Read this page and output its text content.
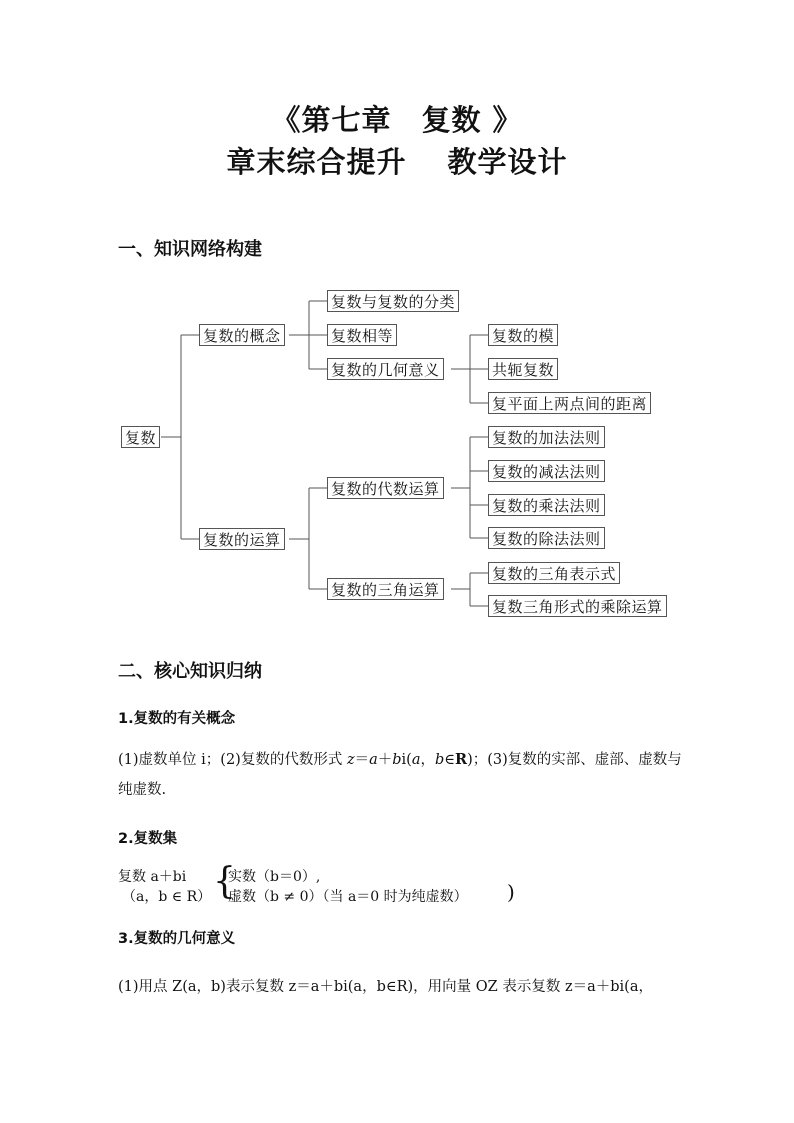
《第七章　复数 》
章末综合提升　 教学设计
一、知识网络构建
复数
复数的概念
复数与复数的分类
复数相等
复数的几何意义
复数的模
共轭复数
复平面上两点间的距离
复数的运算
复数的代数运算
复数的加法法则
复数的减法法则
复数的乘法法则
复数的除法法则
复数的三角运算
复数的三角表示式
复数三角形式的乘除运算
二、核心知识归纳
1.复数的有关概念
(1)虚数单位 i；(2)复数的代数形式 z＝a＋bi(a，b∈R)；(3)复数的实部、虚部、虚数与纯虚数.
2.复数集
复数 a＋bi
（a，b ∈ R） {
实数（b＝0）,
虚数（b ≠ 0）（当 a＝0 时为纯虚数） )
3.复数的几何意义
(1)用点 Z(a，b)表示复数 z＝a＋bi(a，b∈R)，用向量 OZ 表示复数 z＝a＋bi(a，
